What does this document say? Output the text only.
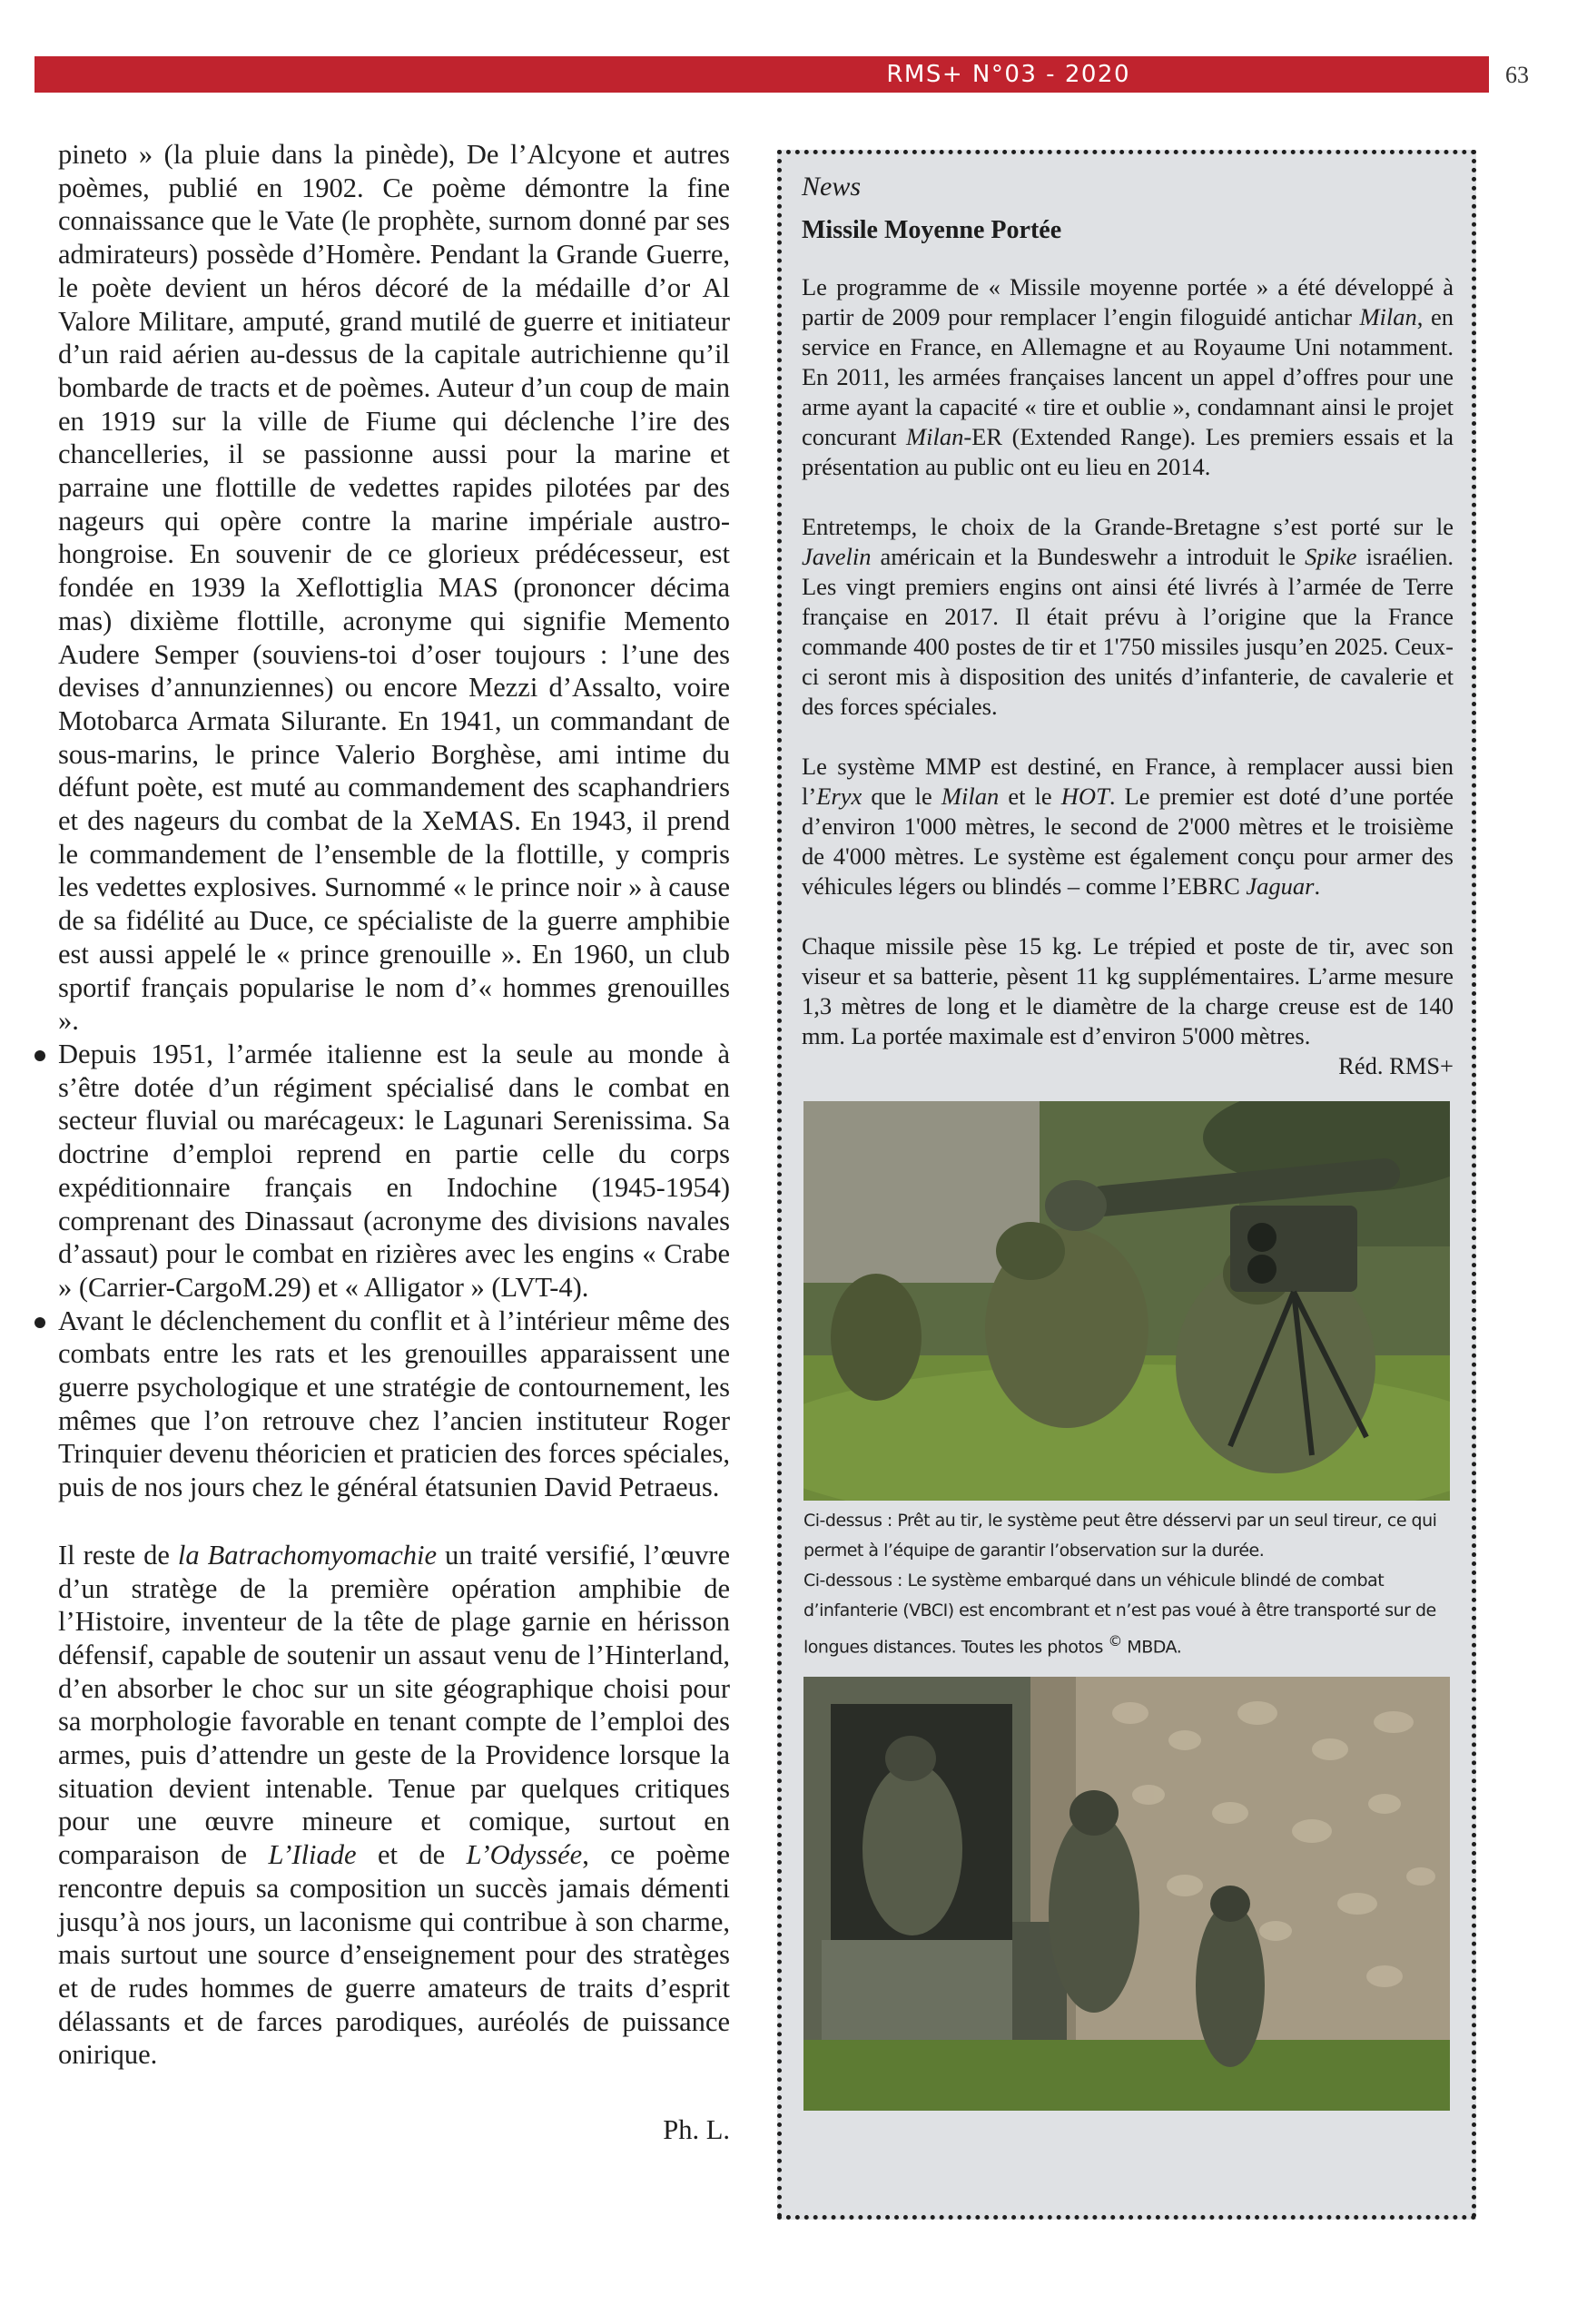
RMS+ N°03 - 2020	63

pineto » (la pluie dans la pinède), De l’Alcyone et autres poèmes, publié en 1902. Ce poème démontre la fine connaissance que le Vate (le prophète, surnom donné par ses admirateurs) possède d’Homère. Pendant la Grande Guerre, le poète devient un héros décoré de la médaille d’or Al Valore Militare, amputé, grand mutilé de guerre et initiateur d’un raid aérien au-dessus de la capitale autrichienne qu’il bombarde de tracts et de poèmes. Auteur d’un coup de main en 1919 sur la ville de Fiume qui déclenche l’ire des chancelleries, il se passionne aussi pour la marine et parraine une flottille de vedettes rapides pilotées par des nageurs qui opère contre la marine impériale austro-hongroise. En souvenir de ce glorieux prédécesseur, est fondée en 1939 la Xeflottiglia MAS (prononcer décima mas) dixième flottille, acronyme qui signifie Memento Audere Semper (souviens-toi d’oser toujours : l’une des devises d’annunziennes) ou encore Mezzi d’Assalto, voire Motobarca Armata Silurante. En 1941, un commandant de sous-marins, le prince Valerio Borghèse, ami intime du défunt poète, est muté au commandement des scaphandriers et des nageurs du combat de la XeMAS. En 1943, il prend le commandement de l’ensemble de la flottille, y compris les vedettes explosives. Surnommé « le prince noir » à cause de sa fidélité au Duce, ce spécialiste de la guerre amphibie est aussi appelé le « prince grenouille ». En 1960, un club sportif français popularise le nom d’« hommes grenouilles ».

Depuis 1951, l’armée italienne est la seule au monde à s’être dotée d’un régiment spécialisé dans le combat en secteur fluvial ou marécageux: le Lagunari Serenissima. Sa doctrine d’emploi reprend en partie celle du corps expéditionnaire français en Indochine (1945-1954) comprenant des Dinassaut (acronyme des divisions navales d’assaut) pour le combat en rizières avec les engins « Crabe » (Carrier-CargoM.29) et « Alligator » (LVT-4).
Avant le déclenchement du conflit et à l’intérieur même des combats entre les rats et les grenouilles apparaissent une guerre psychologique et une stratégie de contournement, les mêmes que l’on retrouve chez l’ancien instituteur Roger Trinquier devenu théoricien et praticien des forces spéciales, puis de nos jours chez le général étatsunien David Petraeus.

Il reste de la Batrachomyomachie un traité versifié, l’œuvre d’un stratège de la première opération amphibie de l’Histoire, inventeur de la tête de plage garnie en hérisson défensif, capable de soutenir un assaut venu de l’Hinterland, d’en absorber le choc sur un site géographique choisi pour sa morphologie favorable en tenant compte de l’emploi des armes, puis d’attendre un geste de la Providence lorsque la situation devient intenable. Tenue par quelques critiques pour une œuvre mineure et comique, surtout en comparaison de L’Iliade et de L’Odyssée, ce poème rencontre depuis sa composition un succès jamais démenti jusqu’à nos jours, un laconisme qui contribue à son charme, mais surtout une source d’enseignement pour des stratèges et de rudes hommes de guerre amateurs de traits d’esprit délassants et de farces parodiques, auréolés de puissance onirique.

Ph. L.

News
Missile Moyenne Portée

Le programme de « Missile moyenne portée » a été développé à partir de 2009 pour remplacer l’engin filoguidé antichar Milan, en service en France, en Allemagne et au Royaume Uni notamment. En 2011, les armées françaises lancent un appel d’offres pour une arme ayant la capacité « tire et oublie », condamnant ainsi le projet concurant Milan-ER (Extended Range). Les premiers essais et la présentation au public ont eu lieu en 2014.

Entretemps, le choix de la Grande-Bretagne s’est porté sur le Javelin américain et la Bundeswehr a introduit le Spike israélien. Les vingt premiers engins ont ainsi été livrés à l’armée de Terre française en 2017. Il était prévu à l’origine que la France commande 400 postes de tir et 1'750 missiles jusqu’en 2025. Ceux-ci seront mis à disposition des unités d’infanterie, de cavalerie et des forces spéciales.

Le système MMP est destiné, en France, à remplacer aussi bien l’Eryx que le Milan et le HOT. Le premier est doté d’une portée d’environ 1'000 mètres, le second de 2'000 mètres et le troisième de 4'000 mètres. Le système est également conçu pour armer des véhicules légers ou blindés – comme l’EBRC Jaguar.

Chaque missile pèse 15 kg. Le trépied et poste de tir, avec son viseur et sa batterie, pèsent 11 kg supplémentaires. L’arme mesure 1,3 mètres de long et le diamètre de la charge creuse est de 140 mm. La portée maximale est d’environ 5'000 mètres.

Réd. RMS+

Ci-dessus : Prêt au tir, le système peut être désservi par un seul tireur, ce qui permet à l’équipe de garantir l’observation sur la durée.

Ci-dessous : Le système embarqué dans un véhicule blindé de combat d’infanterie (VBCI) est encombrant et n’est pas voué à être transporté sur de longues distances. Toutes les photos © MBDA.
